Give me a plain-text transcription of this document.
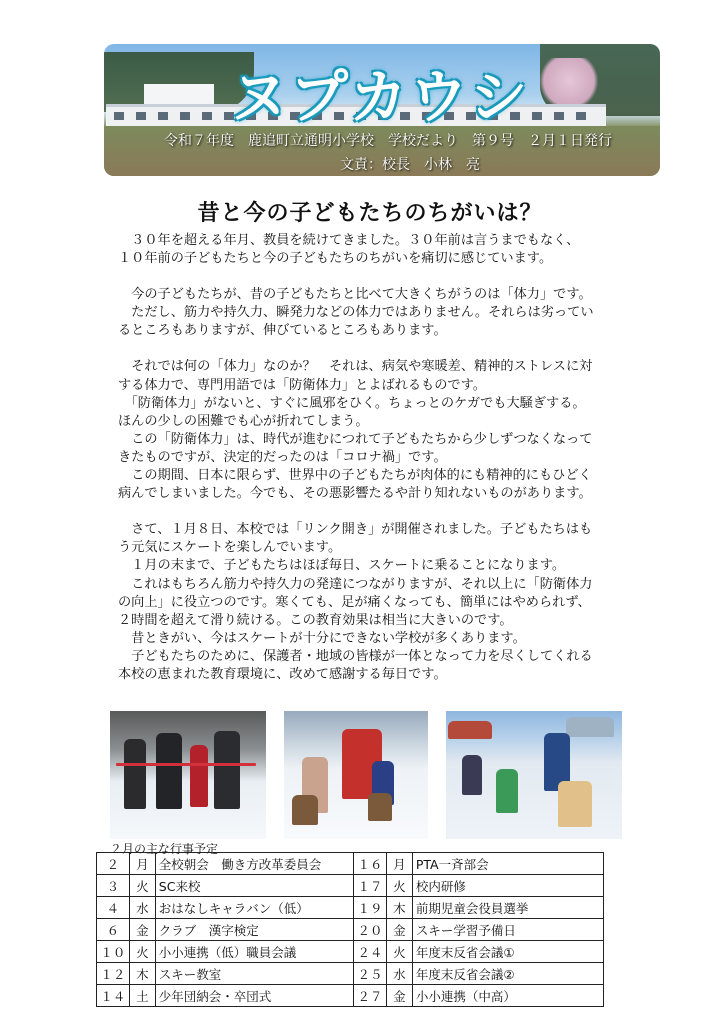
ヌプカウシ
令和７年度　鹿追町立通明小学校　学校だより　第９号　２月１日発行
文責：校長　小林　亮
昔と今の子どもたちのちがいは？

　３０年を超える年月、教員を続けてきました。３０年前は言うまでもなく、

１０年前の子どもたちと今の子どもたちのちがいを痛切に感じています。

　今の子どもたちが、昔の子どもたちと比べて大きくちがうのは「体力」です。

　ただし、筋力や持久力、瞬発力などの体力ではありません。それらは劣ってい

るところもありますが、伸びているところもあります。

　それでは何の「体力」なのか？　それは、病気や寒暖差、精神的ストレスに対

する体力で、専門用語では「防衛体力」とよばれるものです。

　「防衛体力」がないと、すぐに風邪をひく。ちょっとのケガでも大騒ぎする。

ほんの少しの困難でも心が折れてしまう。

　この「防衛体力」は、時代が進むにつれて子どもたちから少しずつなくなって

きたものですが、決定的だったのは「コロナ禍」です。

　この期間、日本に限らず、世界中の子どもたちが肉体的にも精神的にもひどく

病んでしまいました。今でも、その悪影響たるや計り知れないものがあります。

　さて、１月８日、本校では「リンク開き」が開催されました。子どもたちはも

う元気にスケートを楽しんでいます。

　１月の末まで、子どもたちはほぼ毎日、スケートに乗ることになります。

　これはもちろん筋力や持久力の発達につながりますが、それ以上に「防衛体力

の向上」に役立つのです。寒くても、足が痛くなっても、簡単にはやめられず、

２時間を超えて滑り続ける。この教育効果は相当に大きいのです。

　昔ときがい、今はスケートが十分にできない学校が多くあります。

　子どもたちのために、保護者・地域の皆様が一体となって力を尽くしてくれる

本校の恵まれた教育環境に、改めて感謝する毎日です。

２月の主な行事予定
２	月	全校朝会　働き方改革委員会	１６	月	PTA一斉部会
３	火	SC来校	１７	火	校内研修
４	水	おはなしキャラバン（低）	１９	木	前期児童会役員選挙
６	金	クラブ　漢字検定	２０	金	スキー学習予備日
１０	火	小小連携（低）職員会議	２４	火	年度末反省会議①
１２	木	スキー教室	２５	水	年度末反省会議②
１４	土	少年団納会・卒団式	２７	金	小小連携（中高）
